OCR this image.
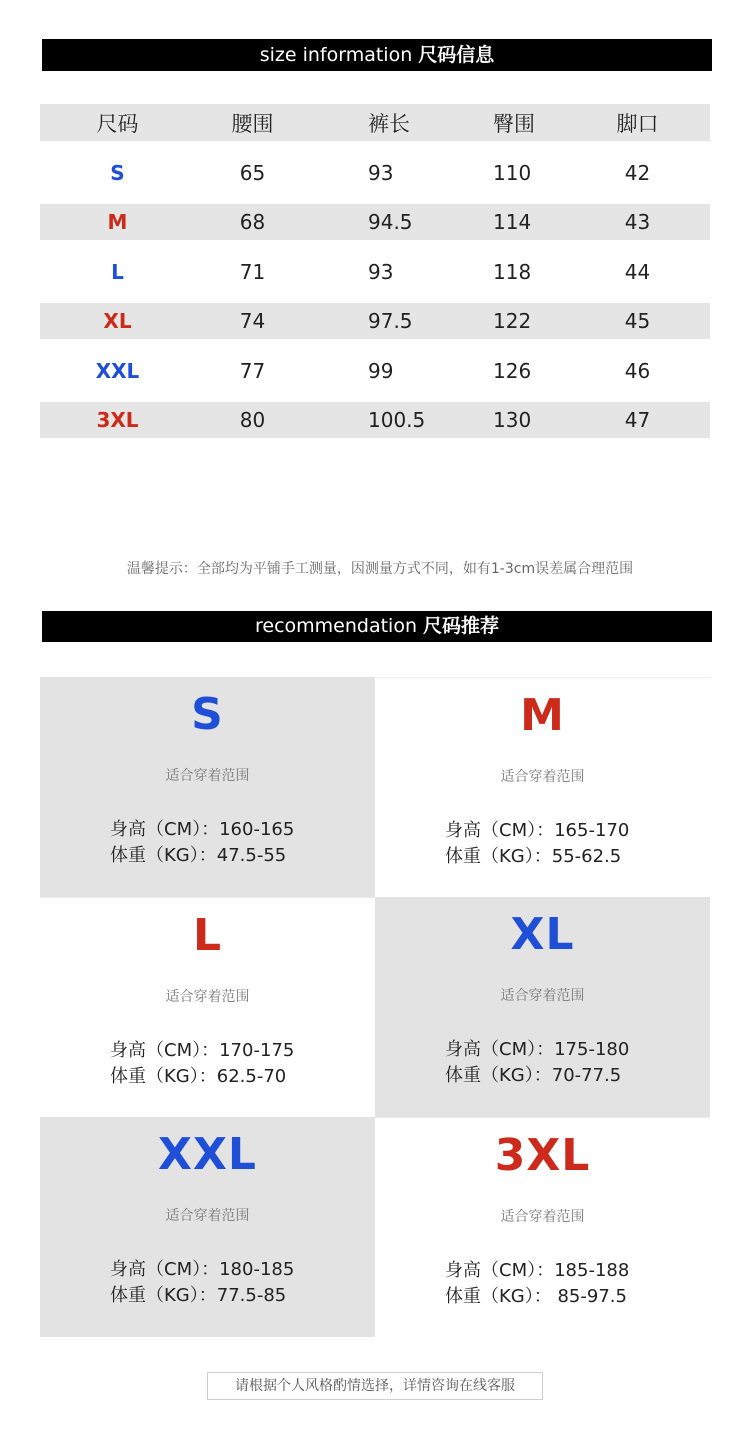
size information 尺码信息
尺码	腰围	裤长	臀围	脚口
S	65	93	110	42
M	68	94.5	114	43
L	71	93	118	44
XL	74	97.5	122	45
XXL	77	99	126	46
3XL	80	100.5	130	47
温馨提示：全部均为平铺手工测量，因测量方式不同，如有1-3cm误差属合理范围
recommendation 尺码推荐
S
适合穿着范围
身高（CM）：160-165
体重（KG）：47.5-55
M
适合穿着范围
身高（CM）：165-170
体重（KG）：55-62.5
L
适合穿着范围
身高（CM）：170-175
体重（KG）：62.5-70
XL
适合穿着范围
身高（CM）：175-180
体重（KG）：70-77.5
XXL
适合穿着范围
身高（CM）：180-185
体重（KG）：77.5-85
3XL
适合穿着范围
身高（CM）：185-188
体重（KG）： 85-97.5
请根据个人风格酌情选择，详情咨询在线客服
